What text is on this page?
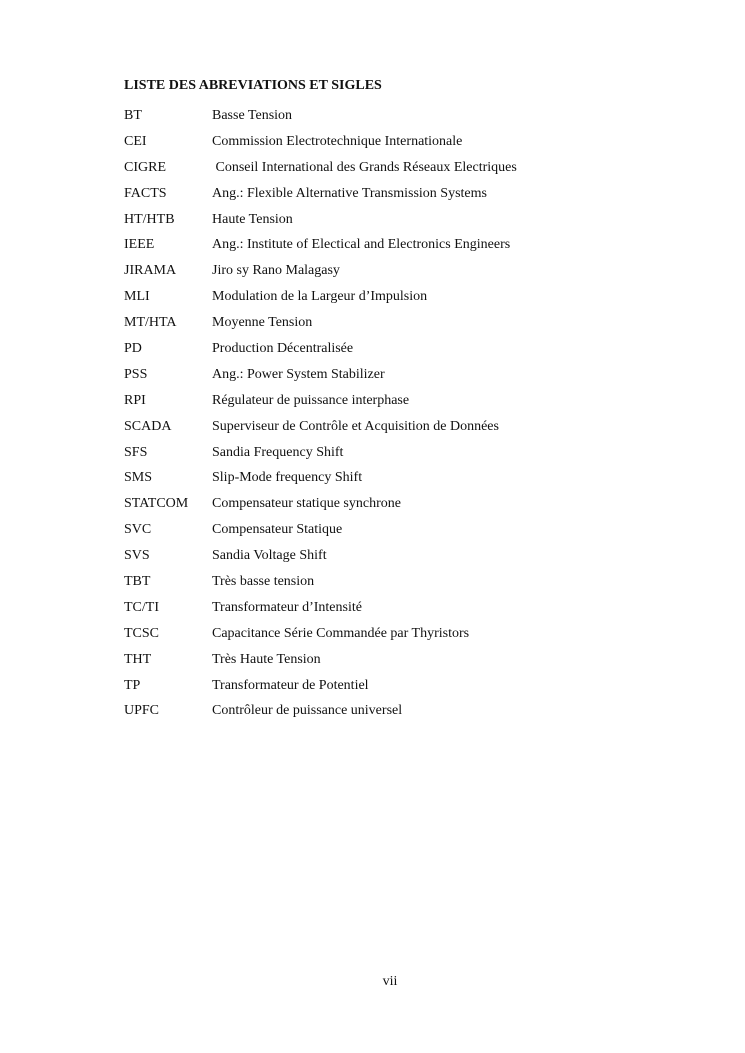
LISTE DES ABREVIATIONS ET SIGLES
BT	Basse Tension
CEI	Commission Electrotechnique Internationale
CIGRE	Conseil International des Grands Réseaux Electriques
FACTS	Ang.: Flexible Alternative Transmission Systems
HT/HTB	Haute Tension
IEEE	Ang.: Institute of Electical and Electronics Engineers
JIRAMA	Jiro sy Rano Malagasy
MLI	Modulation de la Largeur d’Impulsion
MT/HTA	Moyenne Tension
PD	Production Décentralisée
PSS	Ang.: Power System Stabilizer
RPI	Régulateur de puissance interphase
SCADA	Superviseur de Contrôle et Acquisition de Données
SFS	Sandia Frequency Shift
SMS	Slip-Mode frequency Shift
STATCOM	Compensateur statique synchrone
SVC	Compensateur Statique
SVS	Sandia Voltage Shift
TBT	Très basse tension
TC/TI	Transformateur d’Intensité
TCSC	Capacitance Série Commandée par Thyristors
THT	Très Haute Tension
TP	Transformateur de Potentiel
UPFC	Contrôleur de puissance universel
vii
